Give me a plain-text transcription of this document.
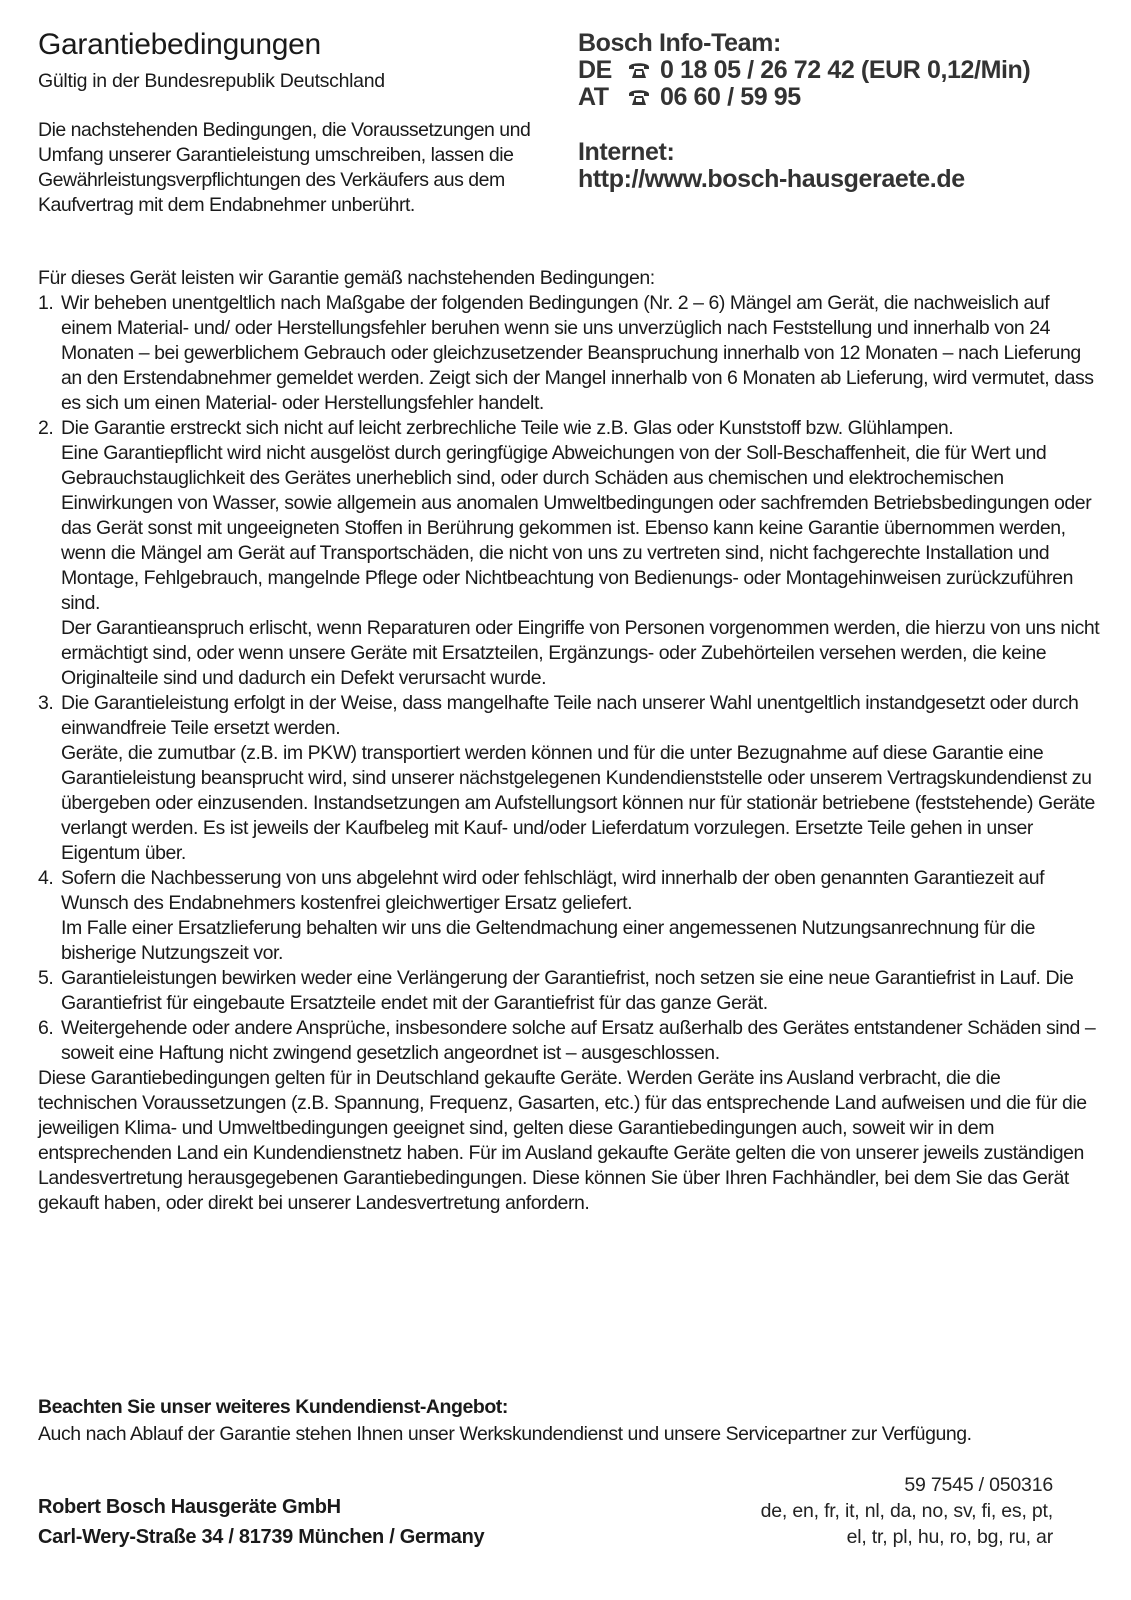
Garantiebedingungen
Gültig in der Bundesrepublik Deutschland

Die nachstehenden Bedingungen, die Voraussetzungen und Umfang unserer Garantieleistung umschreiben, lassen die Gewährleistungsverpflichtungen des Verkäufers aus dem Kaufvertrag mit dem Endabnehmer unberührt.

Bosch Info-Team:
DE 0 18 05 / 26 72 42 (EUR 0,12/Min)
AT 06 60 / 59 95
Internet:
http://www.bosch-hausgeraete.de

Für dieses Gerät leisten wir Garantie gemäß nachstehenden Bedingungen:

1. Wir beheben unentgeltlich nach Maßgabe der folgenden Bedingungen (Nr. 2 – 6) Mängel am Gerät, die nachweislich auf einem Material- und/ oder Herstellungsfehler beruhen wenn sie uns unverzüglich nach Feststellung und innerhalb von 24 Monaten – bei gewerblichem Gebrauch oder gleichzusetzender Beanspruchung innerhalb von 12 Monaten – nach Lieferung an den Erstendabnehmer gemeldet werden. Zeigt sich der Mangel innerhalb von 6 Monaten ab Lieferung, wird vermutet, dass es sich um einen Material- oder Herstellungsfehler handelt.

2. Die Garantie erstreckt sich nicht auf leicht zerbrechliche Teile wie z.B. Glas oder Kunststoff bzw. Glühlampen.

Eine Garantiepflicht wird nicht ausgelöst durch geringfügige Abweichungen von der Soll-Beschaffenheit, die für Wert und Gebrauchstauglichkeit des Gerätes unerheblich sind, oder durch Schäden aus chemischen und elektrochemischen Einwirkungen von Wasser, sowie allgemein aus anomalen Umweltbedingungen oder sachfremden Betriebsbedingungen oder das Gerät sonst mit ungeeigneten Stoffen in Berührung gekommen ist. Ebenso kann keine Garantie übernommen werden, wenn die Mängel am Gerät auf Transportschäden, die nicht von uns zu vertreten sind, nicht fachgerechte Installation und Montage, Fehlgebrauch, mangelnde Pflege oder Nichtbeachtung von Bedienungs- oder Montagehinweisen zurückzuführen sind.

Der Garantieanspruch erlischt, wenn Reparaturen oder Eingriffe von Personen vorgenommen werden, die hierzu von uns nicht ermächtigt sind, oder wenn unsere Geräte mit Ersatzteilen, Ergänzungs- oder Zubehörteilen versehen werden, die keine Originalteile sind und dadurch ein Defekt verursacht wurde.

3. Die Garantieleistung erfolgt in der Weise, dass mangelhafte Teile nach unserer Wahl unentgeltlich instandgesetzt oder durch einwandfreie Teile ersetzt werden.

Geräte, die zumutbar (z.B. im PKW) transportiert werden können und für die unter Bezugnahme auf diese Garantie eine Garantieleistung beansprucht wird, sind unserer nächstgelegenen Kundendienststelle oder unserem Vertragskundendienst zu übergeben oder einzusenden. Instandsetzungen am Aufstellungsort können nur für stationär betriebene (feststehende) Geräte verlangt werden. Es ist jeweils der Kaufbeleg mit Kauf- und/oder Lieferdatum vorzulegen. Ersetzte Teile gehen in unser Eigentum über.

4. Sofern die Nachbesserung von uns abgelehnt wird oder fehlschlägt, wird innerhalb der oben genannten Garantiezeit auf Wunsch des Endabnehmers kostenfrei gleichwertiger Ersatz geliefert.

Im Falle einer Ersatzlieferung behalten wir uns die Geltendmachung einer angemessenen Nutzungsanrechnung für die bisherige Nutzungszeit vor.

5. Garantieleistungen bewirken weder eine Verlängerung der Garantiefrist, noch setzen sie eine neue Garantiefrist in Lauf. Die Garantiefrist für eingebaute Ersatzteile endet mit der Garantiefrist für das ganze Gerät.

6. Weitergehende oder andere Ansprüche, insbesondere solche auf Ersatz außerhalb des Gerätes entstandener Schäden sind – soweit eine Haftung nicht zwingend gesetzlich angeordnet ist – ausgeschlossen.

Diese Garantiebedingungen gelten für in Deutschland gekaufte Geräte. Werden Geräte ins Ausland verbracht, die die technischen Voraussetzungen (z.B. Spannung, Frequenz, Gasarten, etc.) für das entsprechende Land aufweisen und die für die jeweiligen Klima- und Umweltbedingungen geeignet sind, gelten diese Garantiebedingungen auch, soweit wir in dem entsprechenden Land ein Kundendienstnetz haben. Für im Ausland gekaufte Geräte gelten die von unserer jeweils zuständigen Landesvertretung herausgegebenen Garantiebedingungen. Diese können Sie über Ihren Fachhändler, bei dem Sie das Gerät gekauft haben, oder direkt bei unserer Landesvertretung anfordern.

Beachten Sie unser weiteres Kundendienst-Angebot:

Auch nach Ablauf der Garantie stehen Ihnen unser Werkskundendienst und unsere Servicepartner zur Verfügung.

Robert Bosch Hausgeräte GmbH
Carl-Wery-Straße 34 / 81739 München / Germany
59 7545 / 050316
de, en, fr, it, nl, da, no, sv, fi, es, pt,
el, tr, pl, hu, ro, bg, ru, ar
